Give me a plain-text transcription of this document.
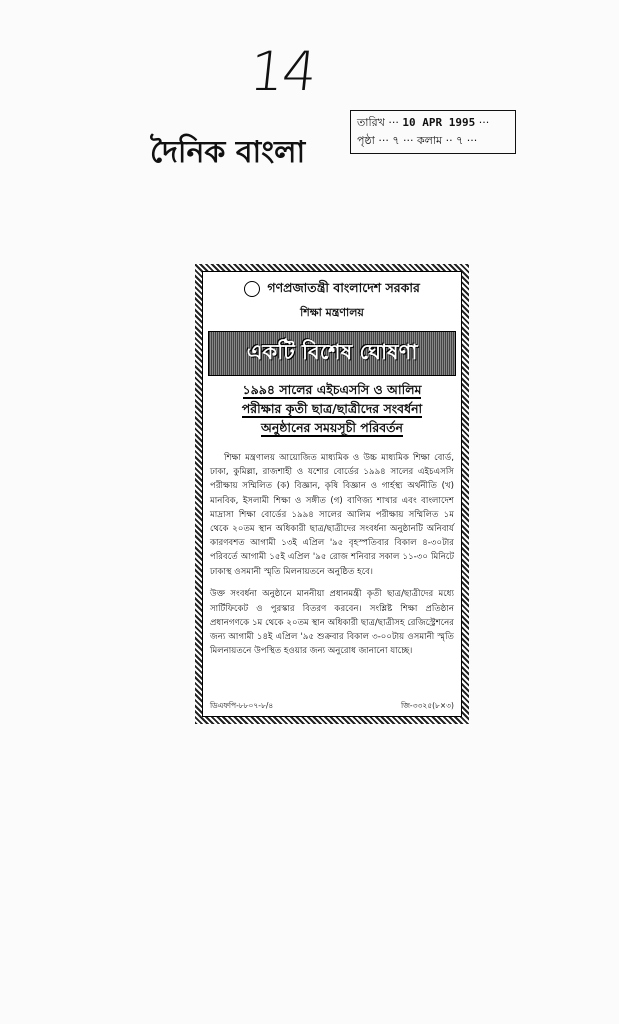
14
দৈনিক বাংলা
তারিখ ··· 10 APR 1995 ···
পৃষ্ঠা ··· ৭ ··· কলাম ·· ৭ ···
গণপ্রজাতন্ত্রী বাংলাদেশ সরকার
শিক্ষা মন্ত্রণালয়
একটি বিশেষ ঘোষণা
১৯৯৪ সালের এইচএসসি ও আলিম
পরীক্ষার কৃতী ছাত্র/ছাত্রীদের সংবর্ধনা
অনুষ্ঠানের সময়সূচী পরিবর্তন

শিক্ষা মন্ত্রণালয় আয়োজিত মাধ্যমিক ও উচ্চ মাধ্যমিক শিক্ষা বোর্ড, ঢাকা, কুমিল্লা, রাজশাহী ও যশোর বোর্ডের ১৯৯৪ সালের এইচএসসি পরীক্ষায় সম্মিলিত (ক) বিজ্ঞান, কৃষি বিজ্ঞান ও গার্হস্থ্য অর্থনীতি (খ) মানবিক, ইসলামী শিক্ষা ও সঙ্গীত (গ) বাণিজ্য শাখার এবং বাংলাদেশ মাদ্রাসা শিক্ষা বোর্ডের ১৯৯৪ সালের আলিম পরীক্ষায় সম্মিলিত ১ম থেকে ২০তম স্থান অধিকারী ছাত্র/ছাত্রীদের সংবর্ধনা অনুষ্ঠানটি অনিবার্য কারণবশত আগামী ১৩ই এপ্রিল '৯৫ বৃহস্পতিবার বিকাল ৪-৩০টার পরিবর্তে আগামী ১৫ই এপ্রিল '৯৫ রোজ শনিবার সকাল ১১-৩০ মিনিটে ঢাকাস্থ ওসমানী স্মৃতি মিলনায়তনে অনুষ্ঠিত হবে।

উক্ত সংবর্ধনা অনুষ্ঠানে মাননীয়া প্রধানমন্ত্রী কৃতী ছাত্র/ছাত্রীদের মধ্যে সার্টিফিকেট ও পুরস্কার বিতরণ করবেন। সংশ্লিষ্ট শিক্ষা প্রতিষ্ঠান প্রধানগণকে ১ম থেকে ২০তম স্থান অধিকারী ছাত্র/ছাত্রীসহ রেজিস্ট্রেশনের জন্য আগামী ১৪ই এপ্রিল '৯৫ শুক্রবার বিকাল ৩-০০টায় ওসমানী স্মৃতি মিলনায়তনে উপস্থিত হওয়ার জন্য অনুরোধ জানানো যাচ্ছে।

ডিএফপি-৮৮০৭-৮/৪	জি-৩৩২৫(৮×৩)
